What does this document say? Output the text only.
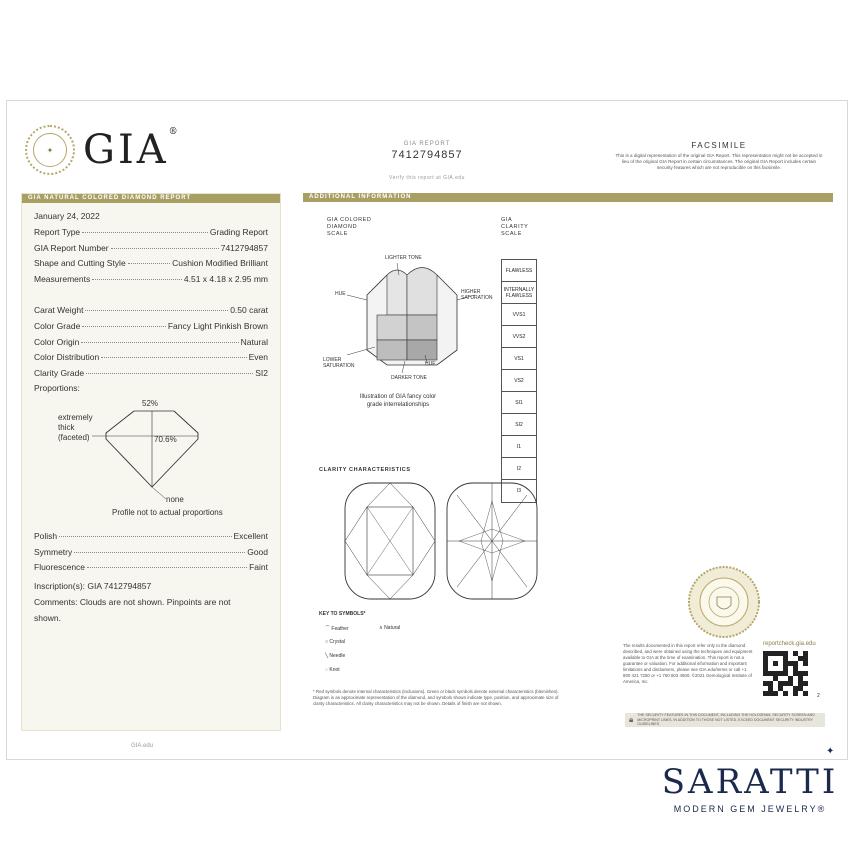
✦ GIA®
GIA REPORT
7412794857
Verify this report at GIA.edu
FACSIMILE
This is a digital representation of the original GIA Report. This representation might not be accepted in lieu of the original GIA Report in certain circumstances. The original GIA Report includes certain security features which are not reproducible on this facsimile.
GIA NATURAL COLORED DIAMOND REPORT
January 24, 2022
Report Type	Grading Report
GIA Report Number	7412794857
Shape and Cutting Style	Cushion Modified Brilliant
Measurements	4.51 x 4.18 x 2.95 mm
Carat Weight	0.50 carat
Color Grade	Fancy Light Pinkish Brown
Color Origin	Natural
Color Distribution	Even
Clarity Grade	SI2
Proportions:
52%
70.6%
extremely
thick
(faceted)
none
Profile not to actual proportions
Polish	Excellent
Symmetry	Good
Fluorescence	Faint
Inscription(s): GIA 7412794857
Comments: Clouds are not shown. Pinpoints are not shown.
GIA.edu
ADDITIONAL INFORMATION
GIA COLORED
DIAMOND
SCALE
LIGHTER TONE
HUE	HIGHER SATURATION
LOWER SATURATION
DARKER TONE
HUE
Illustration of GIA fancy color
grade interrelationships
GIA
CLARITY
SCALE
FLAWLESS
INTERNALLY FLAWLESS
VVS1
VVS2
VS1
VS2
SI1
SI2
I1
I2
I3
CLARITY CHARACTERISTICS
KEY TO SYMBOLS*
⌒ Feather
○ Crystal
╲ Needle
◌ Knot
∧ Natural
* Red symbols denote internal characteristics (inclusions). Green or black symbols denote external characteristics (blemishes). Diagram is an approximate representation of the diamond, and symbols shown indicate type, position, and approximate size of clarity characteristics. All clarity characteristics may not be shown. Details of finish are not shown.
reportcheck.gia.edu
The results documented in this report refer only to the diamond described, and were obtained using the techniques and equipment available to GIA at the time of examination. This report is not a guarantee or valuation. For additional information and important limitations and disclaimers, please see GIA.edu/terms or call +1 800 421 7250 or +1 760 603 4500. ©2021 Gemological Institute of America, Inc.
2
🔒︎ THE SECURITY FEATURES IN THIS DOCUMENT, INCLUDING THE HOLOGRAM, SECURITY SCREEN AND MICROPRINT LINES, IN ADDITION TO THOSE NOT LISTED, EXCEED DOCUMENT SECURITY INDUSTRY GUIDELINES.
✦
SARATTI
MODERN GEM JEWELRY®
